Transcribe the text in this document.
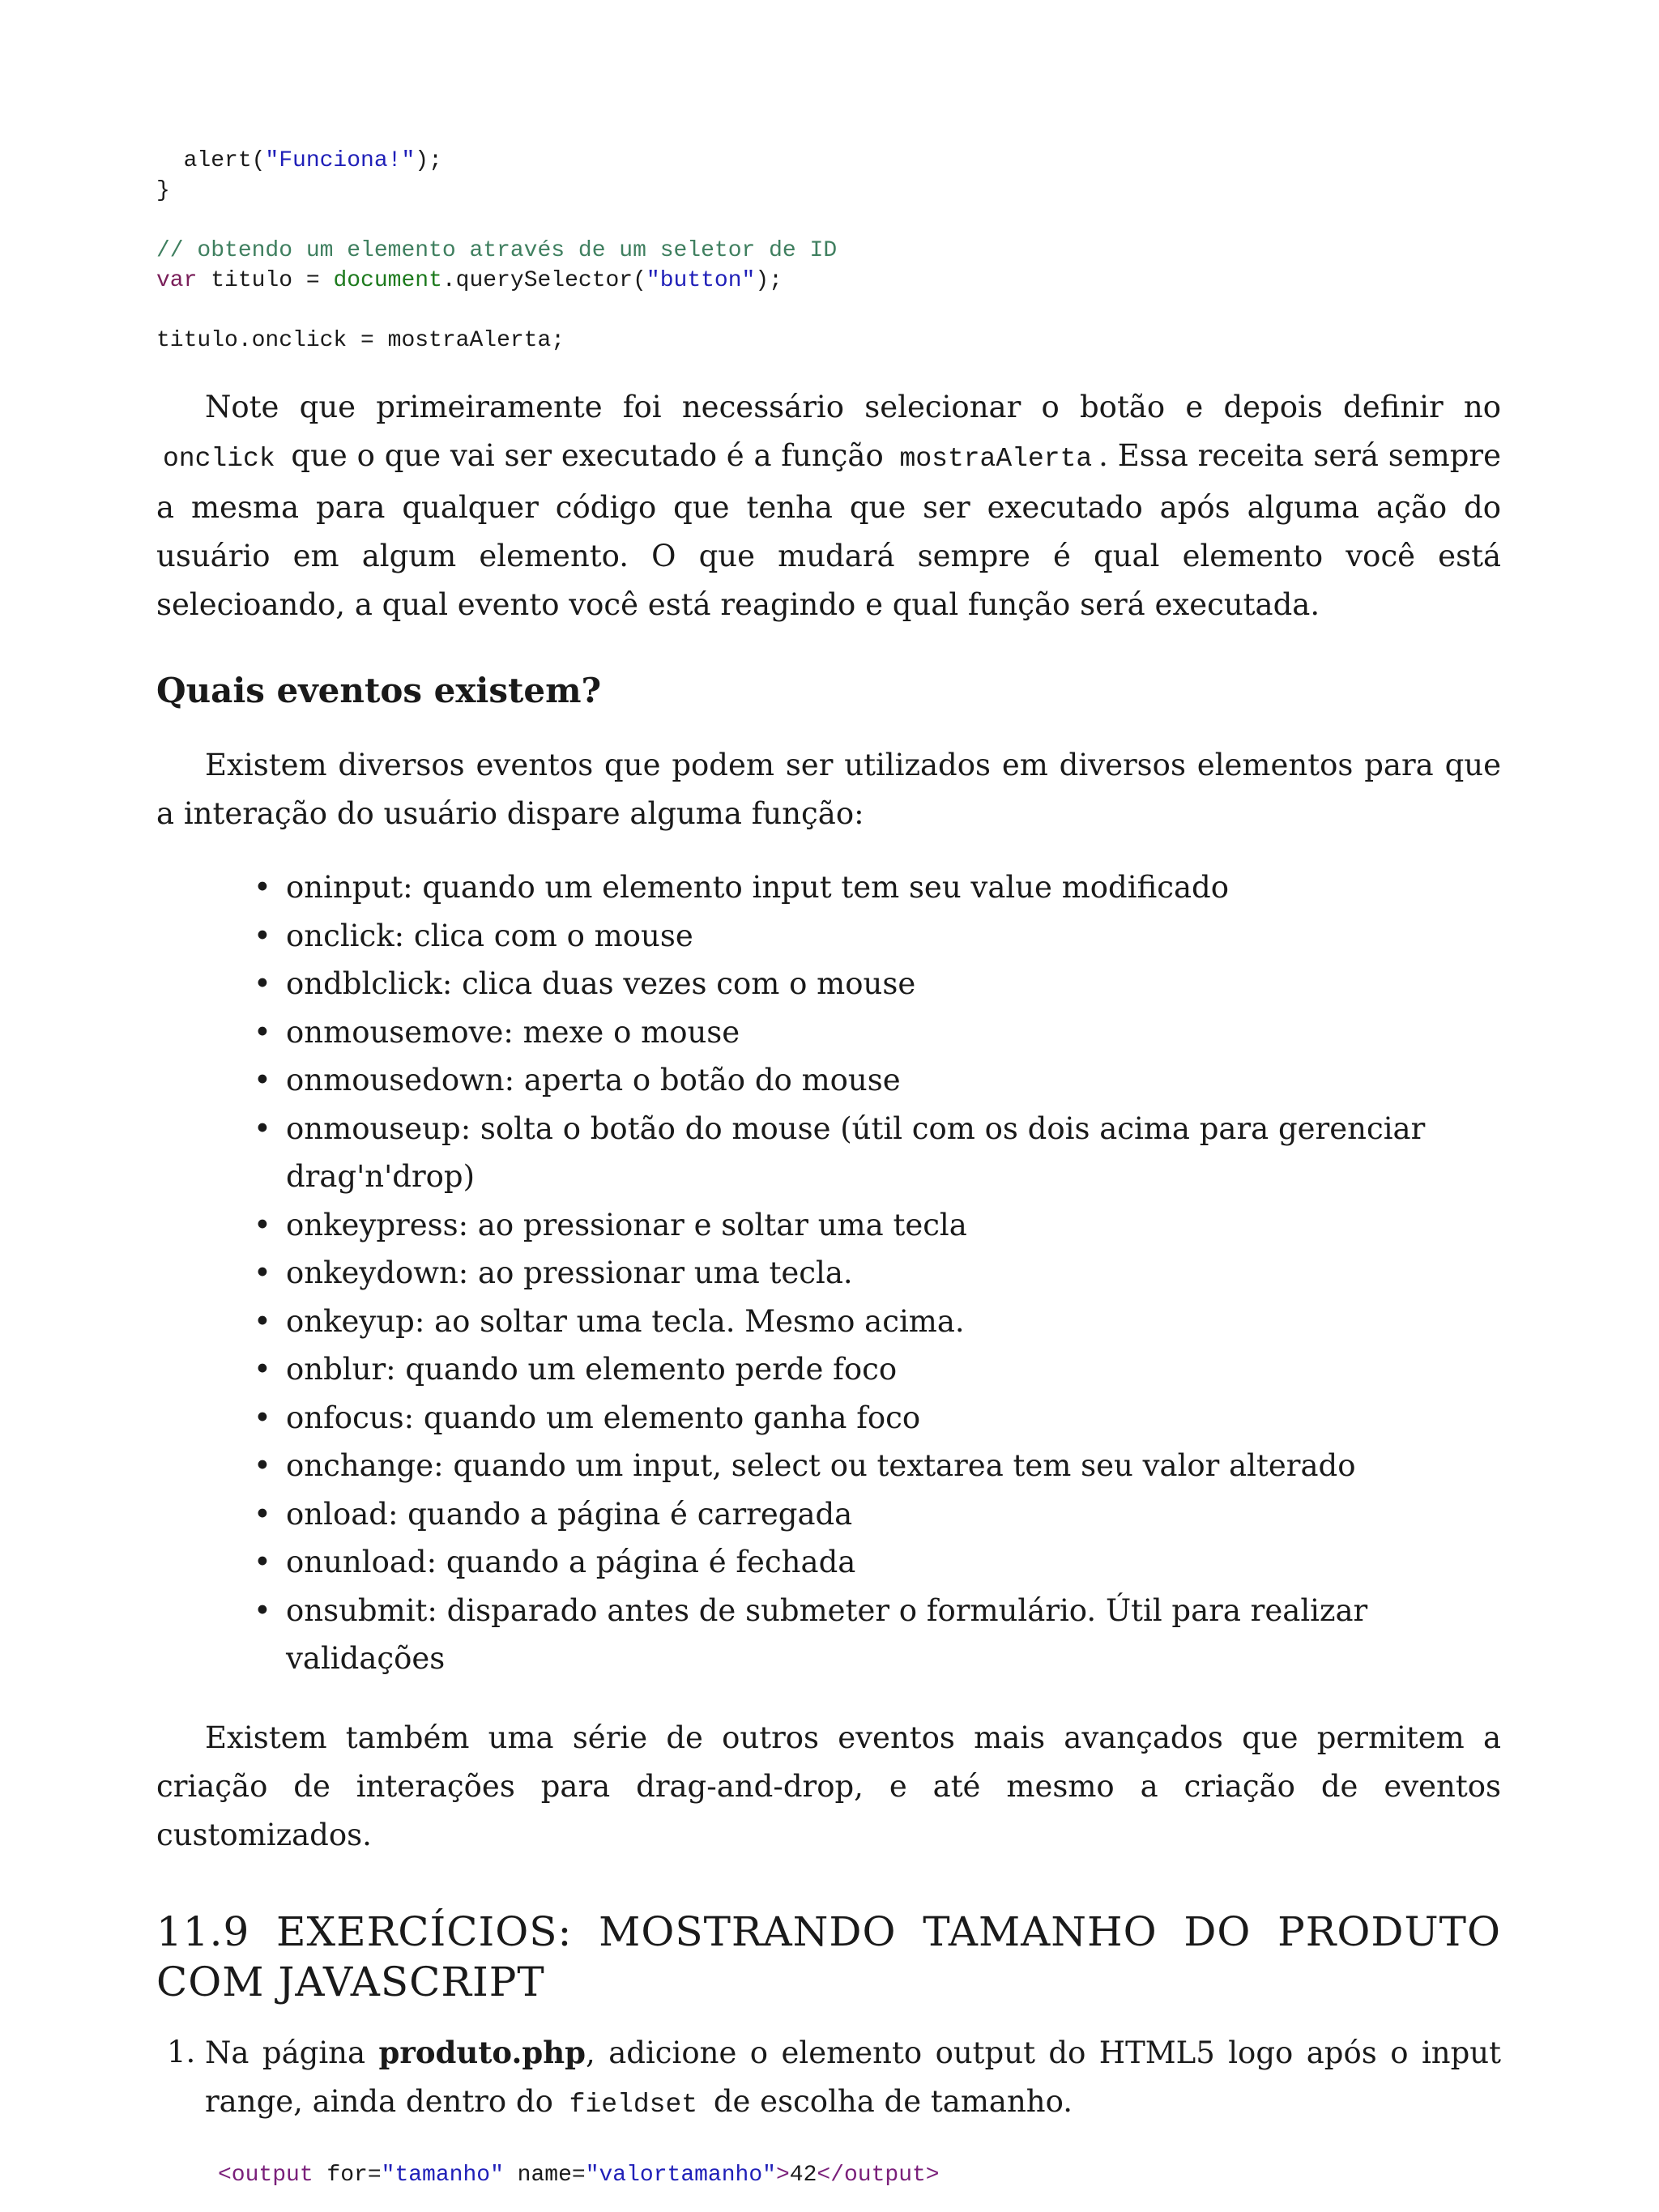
alert("Funciona!");
}
// obtendo um elemento através de um seletor de ID
var titulo = document.querySelector("button");
titulo.onclick = mostraAlerta;

Note que primeiramente foi necessário selecionar o botão e depois definir no onclick que o que vai ser executado é a função mostraAlerta . Essa receita será sempre a mesma para qualquer código que tenha que ser executado após alguma ação do usuário em algum elemento. O que mudará sempre é qual elemento você está selecioando, a qual evento você está reagindo e qual função será executada.

Quais eventos existem?

Existem diversos eventos que podem ser utilizados em diversos elementos para que a interação do usuário dispare alguma função:

• oninput: quando um elemento input tem seu value modificado
• onclick: clica com o mouse
• ondblclick: clica duas vezes com o mouse
• onmousemove: mexe o mouse
• onmousedown: aperta o botão do mouse
• onmouseup: solta o botão do mouse (útil com os dois acima para gerenciar drag'n'drop)
• onkeypress: ao pressionar e soltar uma tecla
• onkeydown: ao pressionar uma tecla.
• onkeyup: ao soltar uma tecla. Mesmo acima.
• onblur: quando um elemento perde foco
• onfocus: quando um elemento ganha foco
• onchange: quando um input, select ou textarea tem seu valor alterado
• onload: quando a página é carregada
• onunload: quando a página é fechada
• onsubmit: disparado antes de submeter o formulário. Útil para realizar validações

Existem também uma série de outros eventos mais avançados que permitem a criação de interações para drag-and-drop, e até mesmo a criação de eventos customizados.

11.9 EXERCÍCIOS: MOSTRANDO TAMANHO DO PRODUTO COM JAVASCRIPT
1. Na página produto.php, adicione o elemento output do HTML5 logo após o input range, ainda dentro do fieldset de escolha de tamanho.
<output for="tamanho" name="valortamanho">42</output>
